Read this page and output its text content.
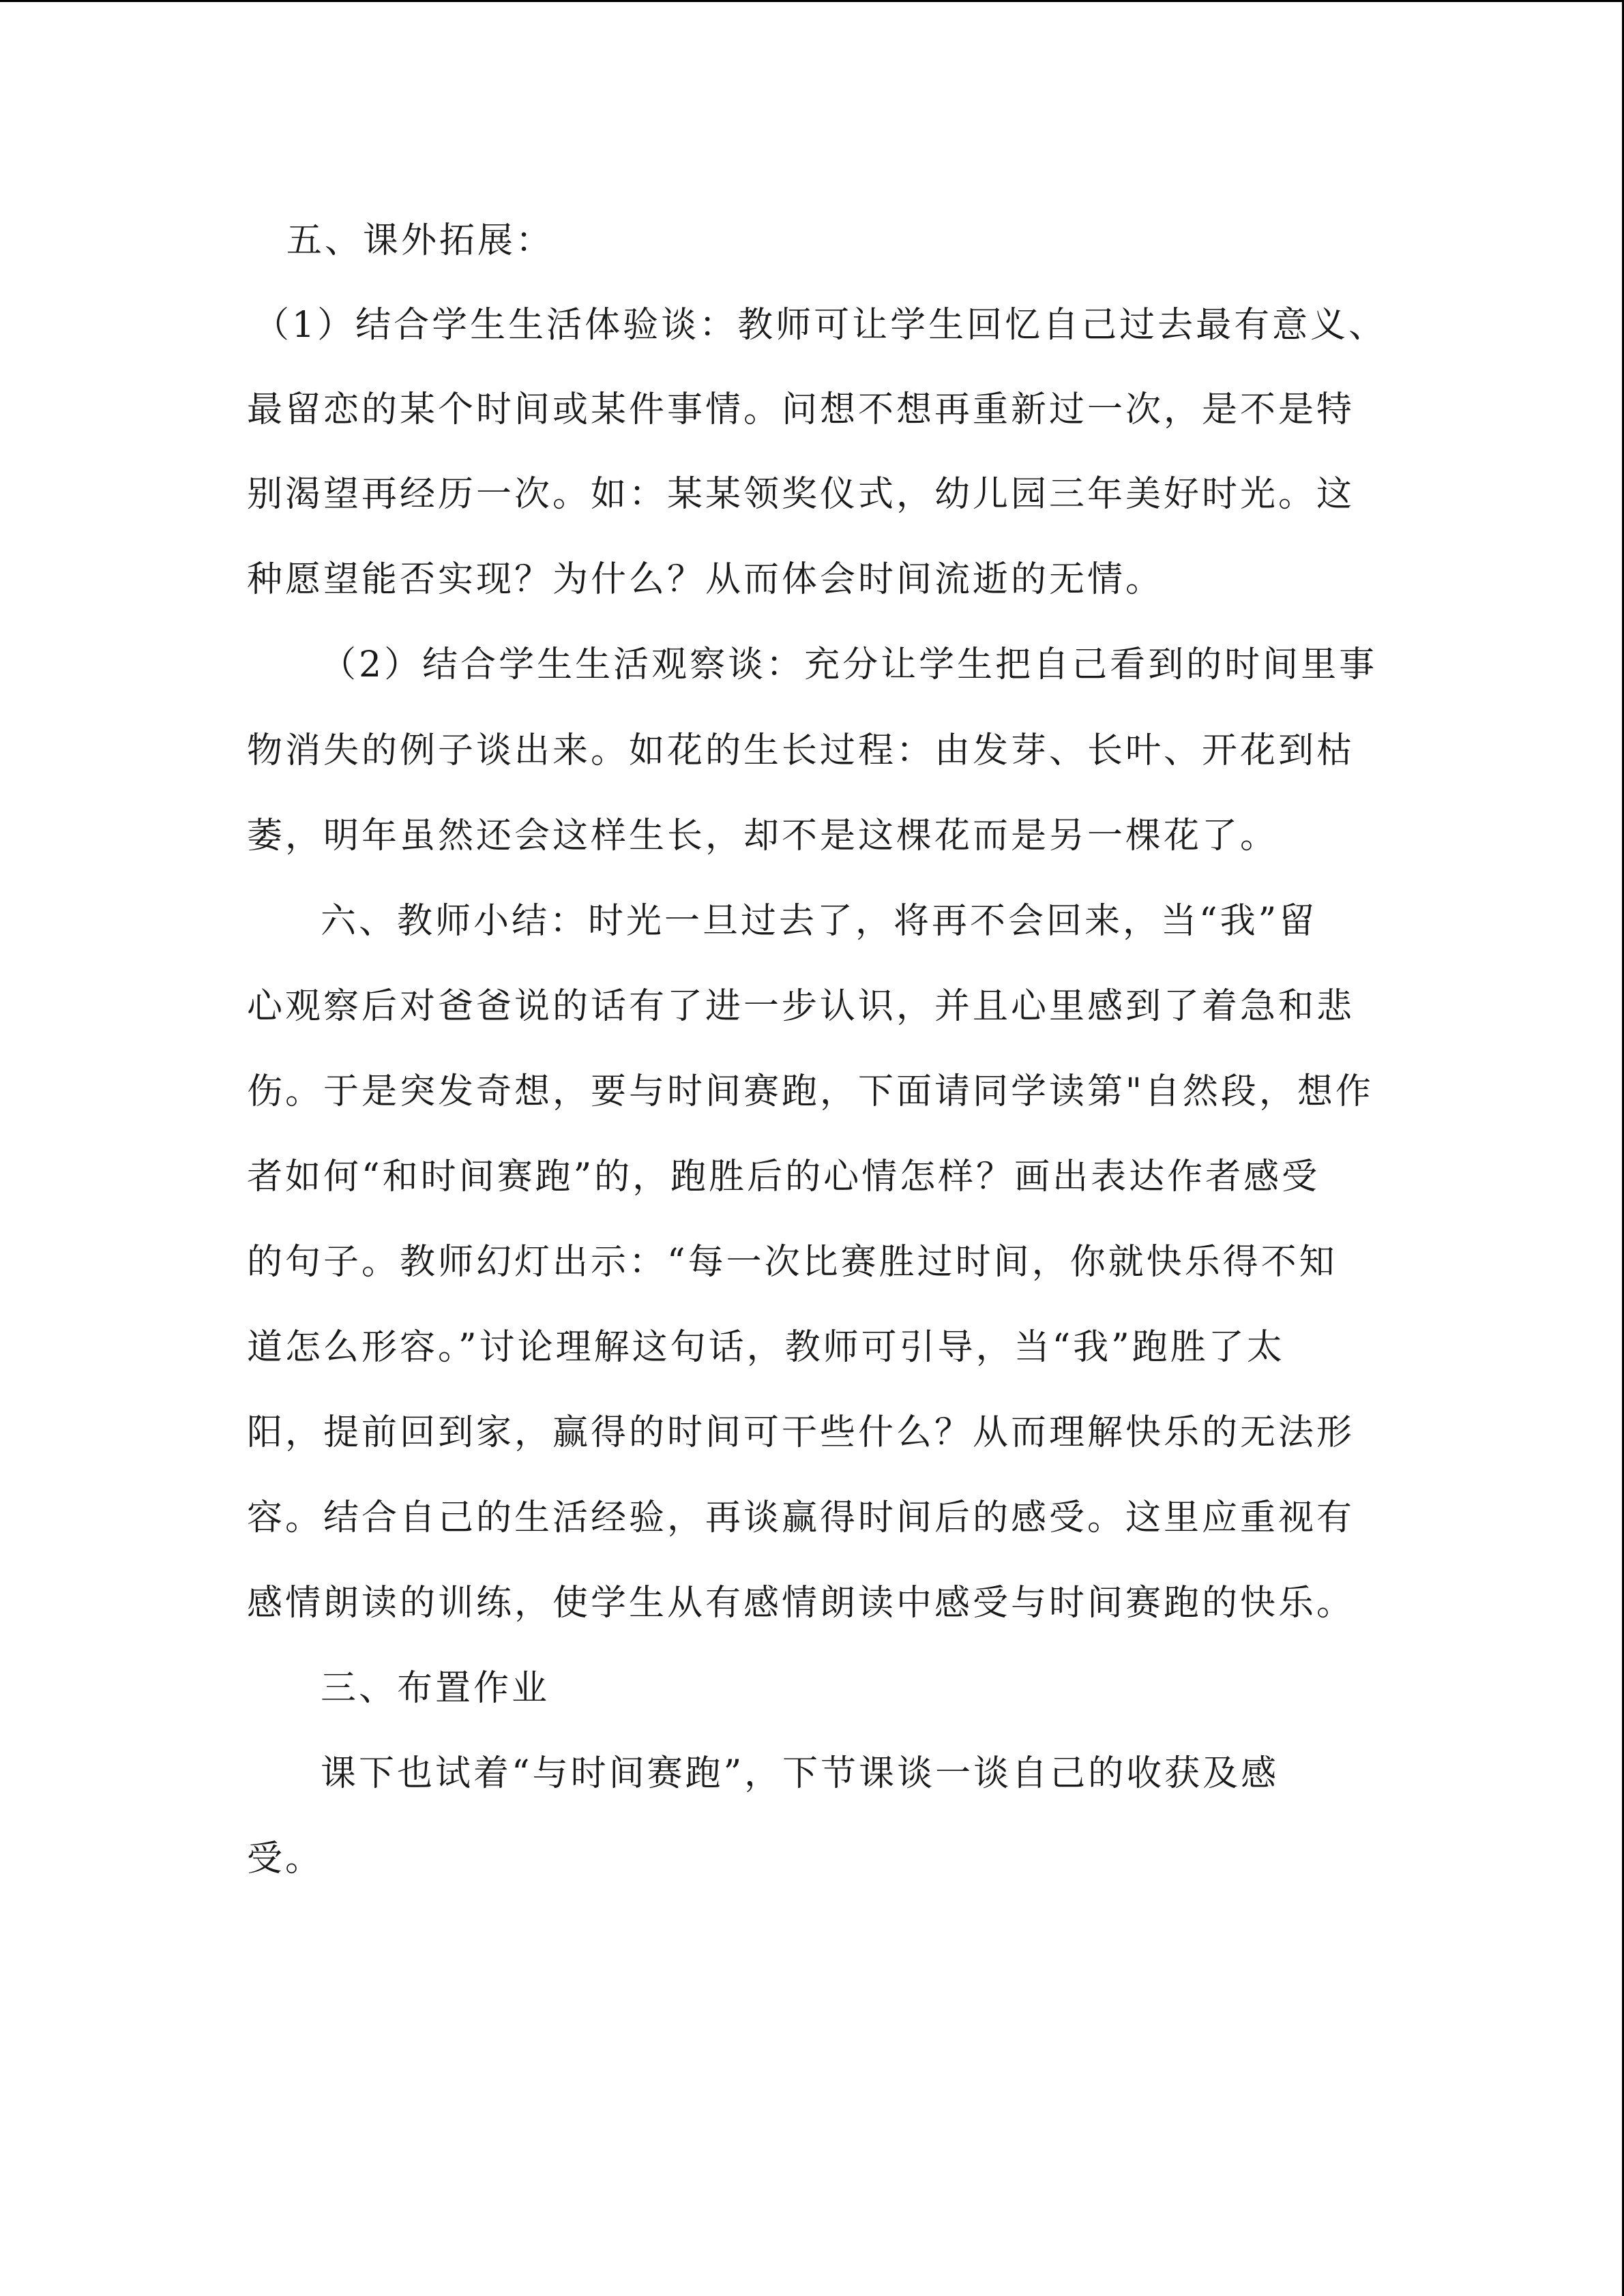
五、课外拓展：
（1）结合学生生活体验谈：教师可让学生回忆自己过去最有意义、
最留恋的某个时间或某件事情。问想不想再重新过一次，是不是特
别渴望再经历一次。如：某某领奖仪式，幼儿园三年美好时光。这
种愿望能否实现？为什么？从而体会时间流逝的无情。
（2）结合学生生活观察谈：充分让学生把自己看到的时间里事
物消失的例子谈出来。如花的生长过程：由发芽、长叶、开花到枯
萎，明年虽然还会这样生长，却不是这棵花而是另一棵花了。
六、教师小结：时光一旦过去了，将再不会回来，当“我”留
心观察后对爸爸说的话有了进一步认识，并且心里感到了着急和悲
伤。于是突发奇想，要与时间赛跑，下面请同学读第"自然段，想作
者如何“和时间赛跑”的，跑胜后的心情怎样？画出表达作者感受
的句子。教师幻灯出示：“每一次比赛胜过时间，你就快乐得不知
道怎么形容。”讨论理解这句话，教师可引导，当“我”跑胜了太
阳，提前回到家，赢得的时间可干些什么？从而理解快乐的无法形
容。结合自己的生活经验，再谈赢得时间后的感受。这里应重视有
感情朗读的训练，使学生从有感情朗读中感受与时间赛跑的快乐。
三、布置作业
课下也试着“与时间赛跑”，下节课谈一谈自己的收获及感
受。
